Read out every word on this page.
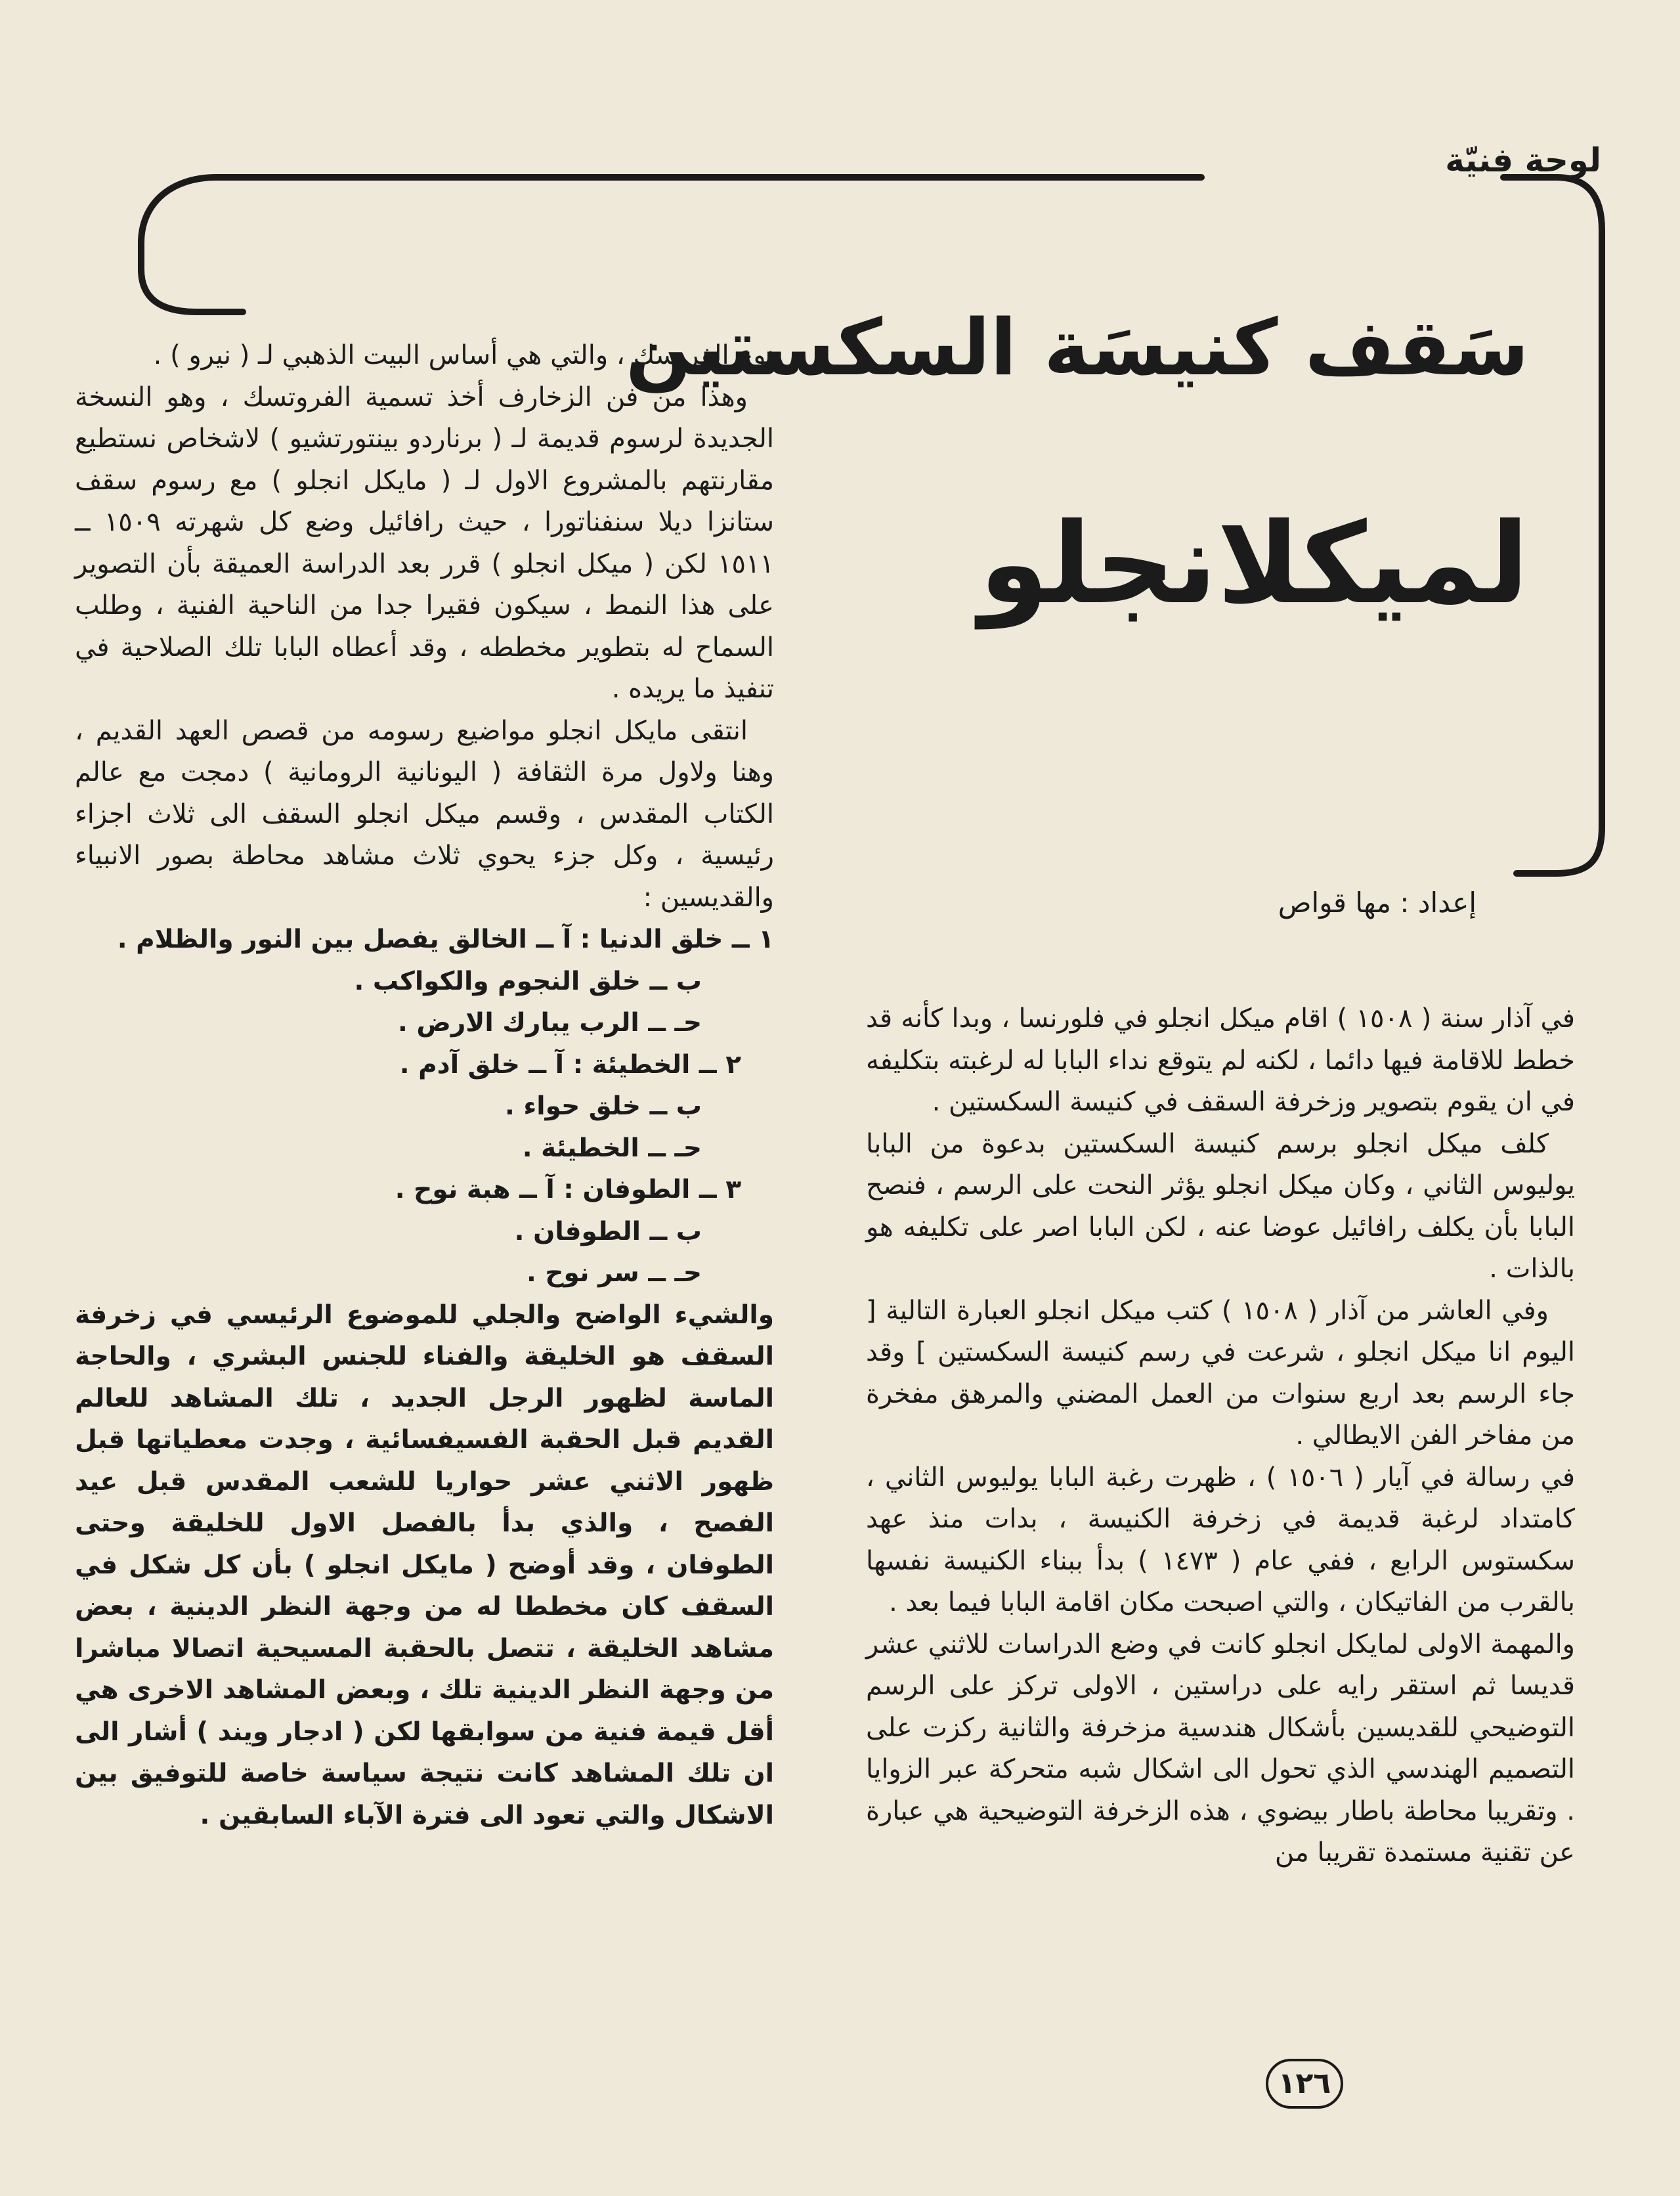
لوحة فنيّة
سَقف كنيسَة السكستين
لميكلانجلو
إعداد : مها قواص

في آذار سنة ( ١٥٠٨ ) اقام ميكل انجلو في فلورنسا ، وبدا كأنه قد خطط للاقامة فيها دائما ، لكنه لم يتوقع نداء البابا له لرغبته بتكليفه في ان يقوم بتصوير وزخرفة السقف في كنيسة السكستين .

كلف ميكل انجلو برسم كنيسة السكستين بدعوة من البابا يوليوس الثاني ، وكان ميكل انجلو يؤثر النحت على الرسم ، فنصح البابا بأن يكلف رافائيل عوضا عنه ، لكن البابا اصر على تكليفه هو بالذات .

وفي العاشر من آذار ( ١٥٠٨ ) كتب ميكل انجلو العبارة التالية [ اليوم انا ميكل انجلو ، شرعت في رسم كنيسة السكستين ] وقد جاء الرسم بعد اربع سنوات من العمل المضني والمرهق مفخرة من مفاخر الفن الايطالي .

في رسالة في آيار ( ١٥٠٦ ) ، ظهرت رغبة البابا يوليوس الثاني ، كامتداد لرغبة قديمة في زخرفة الكنيسة ، بدات منذ عهد سكستوس الرابع ، ففي عام ( ١٤٧٣ ) بدأ ببناء الكنيسة نفسها بالقرب من الفاتيكان ، والتي اصبحت مكان اقامة البابا فيما بعد .

والمهمة الاولى لمايكل انجلو كانت في وضع الدراسات للاثني عشر قديسا ثم استقر رايه على دراستين ، الاولى تركز على الرسم التوضيحي للقديسين بأشكال هندسية مزخرفة والثانية ركزت على التصميم الهندسي الذي تحول الى اشكال شبه متحركة عبر الزوايا . وتقريبا محاطة باطار بيضوي ، هذه الزخرفة التوضيحية هي عبارة عن تقنية مستمدة تقريبا من

نوع الفريسك ، والتي هي أساس البيت الذهبي لـ ( نيرو ) .

وهذا من فن الزخارف أخذ تسمية الفروتسك ، وهو النسخة الجديدة لرسوم قديمة لـ ( برناردو بينتورتشيو ) لاشخاص نستطيع مقارنتهم بالمشروع الاول لـ ( مايكل انجلو ) مع رسوم سقف ستانزا ديلا سنفناتورا ، حيث رافائيل وضع كل شهرته ١٥٠٩ ــ ١٥١١ لكن ( ميكل انجلو ) قرر بعد الدراسة العميقة بأن التصوير على هذا النمط ، سيكون فقيرا جدا من الناحية الفنية ، وطلب السماح له بتطوير مخططه ، وقد أعطاه البابا تلك الصلاحية في تنفيذ ما يريده .

انتقى مايكل انجلو مواضيع رسومه من قصص العهد القديم ، وهنا ولاول مرة الثقافة ( اليونانية الرومانية ) دمجت مع عالم الكتاب المقدس ، وقسم ميكل انجلو السقف الى ثلاث اجزاء رئيسية ، وكل جزء يحوي ثلاث مشاهد محاطة بصور الانبياء والقديسين :

١ ــ خلق الدنيا : آ ــ الخالق يفصل بين النور والظلام .

ب ــ خلق النجوم والكواكب .

حـ ــ الرب يبارك الارض .

٢ ــ الخطيئة : آ ــ خلق آدم .

ب ــ خلق حواء .

حـ ــ الخطيئة .

٣ ــ الطوفان : آ ــ هبة نوح .

ب ــ الطوفان .

حـ ــ سر نوح .

والشيء الواضح والجلي للموضوع الرئيسي في زخرفة السقف هو الخليقة والفناء للجنس البشري ، والحاجة الماسة لظهور الرجل الجديد ، تلك المشاهد للعالم القديم قبل الحقبة الفسيفسائية ، وجدت معطياتها قبل ظهور الاثني عشر حواريا للشعب المقدس قبل عيد الفصح ، والذي بدأ بالفصل الاول للخليقة وحتى الطوفان ، وقد أوضح ( مايكل انجلو ) بأن كل شكل في السقف كان مخططا له من وجهة النظر الدينية ، بعض مشاهد الخليقة ، تتصل بالحقبة المسيحية اتصالا مباشرا من وجهة النظر الدينية تلك ، وبعض المشاهد الاخرى هي أقل قيمة فنية من سوابقها لكن ( ادجار ويند ) أشار الى ان تلك المشاهد كانت نتيجة سياسة خاصة للتوفيق بين الاشكال والتي تعود الى فترة الآباء السابقين .

١٢٦
